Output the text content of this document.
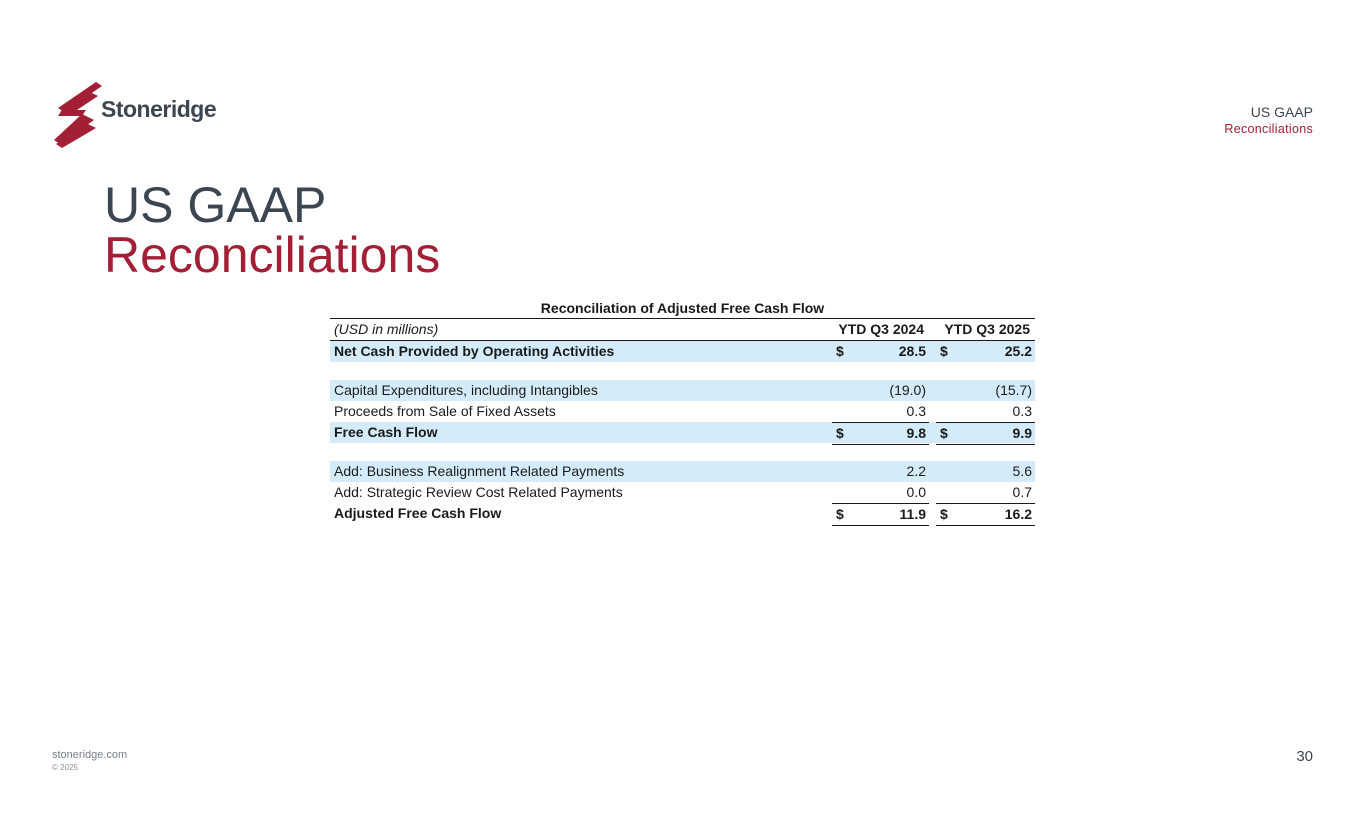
Stoneridge	US GAAP
Reconciliations
US GAAP
Reconciliations
Reconciliation of Adjusted Free Cash Flow
(USD in millions)	YTD Q3 2024 YTD Q3 2025
Net Cash Provided by Operating Activities	$	28.5 $	25.2
Capital Expenditures, including Intangibles	(19.0)	(15.7)
Proceeds from Sale of Fixed Assets	0.3	0.3
Free Cash Flow	$	9.8 $	9.9
Add: Business Realignment Related Payments	2.2	5.6
Add: Strategic Review Cost Related Payments	0.0	0.7
Adjusted Free Cash Flow	$	11.9 $	16.2
stoneridge.com
© 2025
30
